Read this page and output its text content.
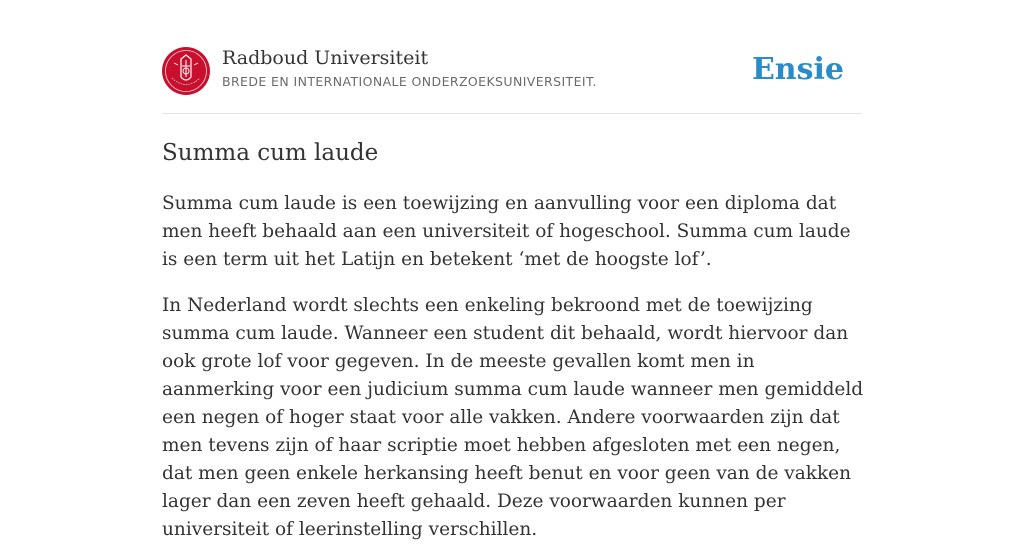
Radboud Universiteit
BREDE EN INTERNATIONALE ONDERZOEKSUNIVERSITEIT.	Ensie
Summa cum laude

Summa cum laude is een toewijzing en aanvulling voor een diploma dat men heeft behaald aan een universiteit of hogeschool. Summa cum laude is een term uit het Latijn en betekent ‘met de hoogste lof’.

In Nederland wordt slechts een enkeling bekroond met de toewijzing summa cum laude. Wanneer een student dit behaald, wordt hiervoor dan ook grote lof voor gegeven. In de meeste gevallen komt men in aanmerking voor een judicium summa cum laude wanneer men gemiddeld een negen of hoger staat voor alle vakken. Andere voorwaarden zijn dat men tevens zijn of haar scriptie moet hebben afgesloten met een negen, dat men geen enkele herkansing heeft benut en voor geen van de vakken lager dan een zeven heeft gehaald. Deze voorwaarden kunnen per universiteit of leerinstelling verschillen.
